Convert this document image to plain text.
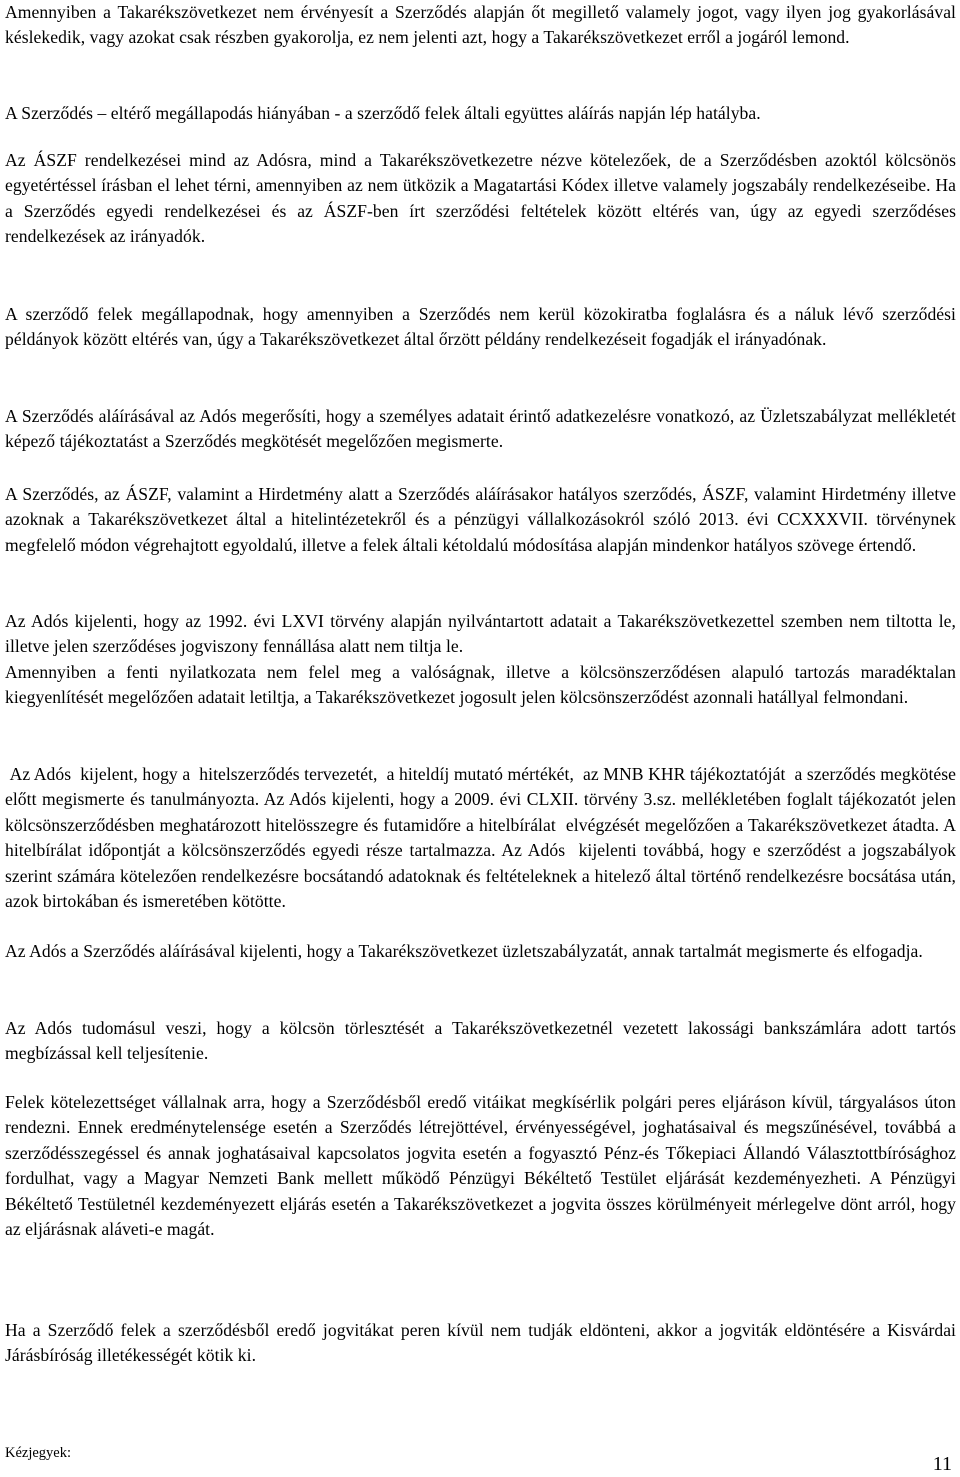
Amennyiben a Takarékszövetkezet nem érvényesít a Szerződés alapján őt megillető valamely jogot, vagy ilyen jog gyakorlásával késlekedik, vagy azokat csak részben gyakorolja, ez nem jelenti azt, hogy a Takarékszövetkezet erről a jogáról lemond.

A Szerződés – eltérő megállapodás hiányában - a szerződő felek általi együttes aláírás napján lép hatályba.

Az ÁSZF rendelkezései mind az Adósra, mind a Takarékszövetkezetre nézve kötelezőek, de a Szerződésben azoktól kölcsönös egyetértéssel írásban el lehet térni, amennyiben az nem ütközik a Magatartási Kódex illetve valamely jogszabály rendelkezéseibe. Ha a Szerződés egyedi rendelkezései és az ÁSZF-ben írt szerződési feltételek között eltérés van, úgy az egyedi szerződéses rendelkezések az irányadók.

A szerződő felek megállapodnak, hogy amennyiben a Szerződés nem kerül közokiratba foglalásra és a náluk lévő szerződési példányok között eltérés van, úgy a Takarékszövetkezet által őrzött példány rendelkezéseit fogadják el irányadónak.

A Szerződés aláírásával az Adós megerősíti, hogy a személyes adatait érintő adatkezelésre vonatkozó, az Üzletszabályzat mellékletét képező tájékoztatást a Szerződés megkötését megelőzően megismerte.

A Szerződés, az ÁSZF, valamint a Hirdetmény alatt a Szerződés aláírásakor hatályos szerződés, ÁSZF, valamint Hirdetmény illetve azoknak a Takarékszövetkezet által a hitelintézetekről és a pénzügyi vállalkozásokról szóló 2013. évi CCXXXVII. törvénynek megfelelő módon végrehajtott egyoldalú, illetve a felek általi kétoldalú módosítása alapján mindenkor hatályos szövege értendő.

Az Adós kijelenti, hogy az 1992. évi LXVI törvény alapján nyilvántartott adatait a Takarékszövetkezettel szemben nem tiltotta le, illetve jelen szerződéses jogviszony fennállása alatt nem tiltja le.

Amennyiben a fenti nyilatkozata nem felel meg a valóságnak, illetve a kölcsönszerződésen alapuló tartozás maradéktalan kiegyenlítését megelőzően adatait letiltja, a Takarékszövetkezet jogosult jelen kölcsönszerződést azonnali hatállyal felmondani.

Az Adós  kijelent, hogy a  hitelszerződés tervezetét,  a hiteldíj mutató mértékét,  az MNB KHR tájékoztatóját  a szerződés megkötése előtt megismerte és tanulmányozta. Az Adós kijelenti, hogy a 2009. évi CLXII. törvény 3.sz. mellékletében foglalt tájékozatót jelen kölcsönszerződésben meghatározott hitelösszegre és futamidőre a hitelbírálat  elvégzését megelőzően a Takarékszövetkezet átadta. A hitelbírálat időpontját a kölcsönszerződés egyedi része tartalmazza. Az Adós  kijelenti továbbá, hogy e szerződést a jogszabályok szerint számára kötelezően rendelkezésre bocsátandó adatoknak és feltételeknek a hitelező által történő rendelkezésre bocsátása után, azok birtokában és ismeretében kötötte.

Az Adós a Szerződés aláírásával kijelenti, hogy a Takarékszövetkezet üzletszabályzatát, annak tartalmát megismerte és elfogadja.

Az Adós tudomásul veszi, hogy a kölcsön törlesztését a Takarékszövetkezetnél vezetett lakossági bankszámlára adott tartós megbízással kell teljesítenie.

Felek kötelezettséget vállalnak arra, hogy a Szerződésből eredő vitáikat megkísérlik polgári peres eljáráson kívül, tárgyalásos úton rendezni. Ennek eredménytelensége esetén a Szerződés létrejöttével, érvényességével, joghatásaival és megszűnésével, továbbá a szerződésszegéssel és annak joghatásaival kapcsolatos jogvita esetén a fogyasztó Pénz-és Tőkepiaci Állandó Választottbírósághoz fordulhat, vagy a Magyar Nemzeti Bank mellett működő Pénzügyi Békéltető Testület eljárását kezdeményezheti. A Pénzügyi Békéltető Testületnél kezdeményezett eljárás esetén a Takarékszövetkezet a jogvita összes körülményeit mérlegelve dönt arról, hogy az eljárásnak aláveti-e magát.

Ha a Szerződő felek a szerződésből eredő jogvitákat peren kívül nem tudják eldönteni, akkor a jogviták eldöntésére a Kisvárdai Járásbíróság illetékességét kötik ki.

Kézjegyek:	11
